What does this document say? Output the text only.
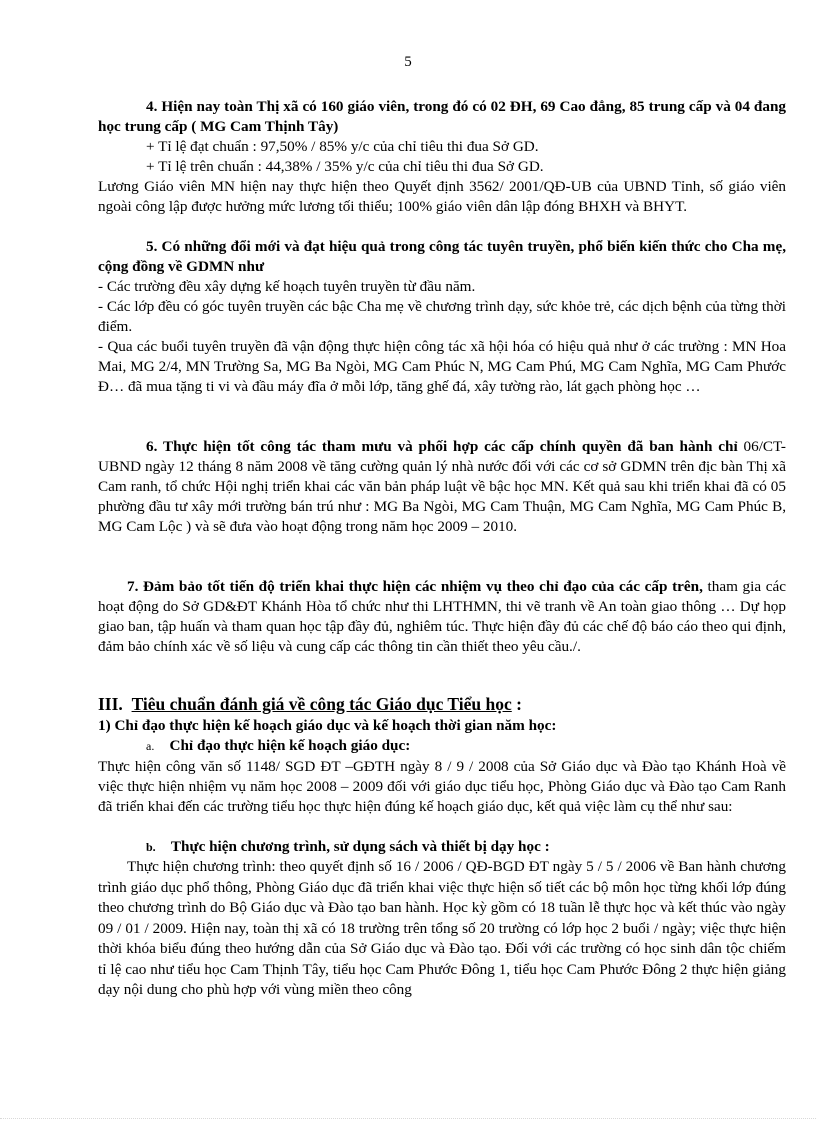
5
4. Hiện nay toàn Thị xã có 160 giáo viên, trong đó có 02 ĐH, 69 Cao đẳng, 85 trung cấp và 04 đang học trung cấp ( MG Cam Thịnh Tây)
+ Tỉ lệ đạt chuẩn : 97,50% / 85% y/c của chỉ tiêu thi đua Sở GD.
+ Tỉ lệ trên chuẩn : 44,38% / 35% y/c của chỉ tiêu thi đua Sở GD.
Lương Giáo viên MN hiện nay thực hiện theo Quyết định 3562/ 2001/QĐ-UB của UBND Tỉnh, số giáo viên ngoài công lập được hưởng mức lương tối thiểu; 100% giáo viên dân lập đóng BHXH và BHYT.
5. Có những đổi mới và đạt hiệu quả trong công tác tuyên truyền, phổ biến kiến thức cho Cha mẹ, cộng đồng về GDMN như
- Các trường đều xây dựng kế hoạch tuyên truyền từ đầu năm.
- Các lớp đều có góc tuyên truyền các bậc Cha mẹ về chương trình dạy, sức khỏe trẻ, các dịch bệnh của từng thời điểm.
- Qua các buổi tuyên truyền đã vận động thực hiện công tác xã hội hóa có hiệu quả như ở các trường : MN Hoa Mai, MG 2/4, MN Trường Sa, MG Ba Ngòi, MG Cam Phúc N, MG Cam Phú, MG Cam Nghĩa, MG Cam Phước Đ… đã mua tặng ti vi và đầu máy đĩa ở mỗi lớp, tăng ghế đá, xây tường rào, lát gạch phòng học …
6. Thực hiện tốt công tác tham mưu và phối hợp các cấp chính quyền đã ban hành chỉ 06/CT-UBND ngày 12 tháng 8 năm 2008 về tăng cường quản lý nhà nước đối với các cơ sở GDMN trên địc bàn Thị xã Cam ranh, tổ chức Hội nghị triển khai các văn bản pháp luật về bậc học MN. Kết quả sau khi triển khai đã có 05 phường đầu tư xây mới trường bán trú như : MG Ba Ngòi, MG Cam Thuận, MG Cam Nghĩa, MG Cam Phúc B, MG Cam Lộc ) và sẽ đưa vào hoạt động trong năm học 2009 – 2010.
7. Đảm bảo tốt tiến độ triển khai thực hiện các nhiệm vụ theo chỉ đạo của các cấp trên, tham gia các hoạt động do Sở GD&ĐT Khánh Hòa tổ chức như thi LHTHMN, thi vẽ tranh về An toàn giao thông … Dự họp giao ban, tập huấn và tham quan học tập đầy đủ, nghiêm túc. Thực hiện đầy đủ các chế độ báo cáo theo qui định, đảm bảo chính xác về số liệu và cung cấp các thông tin cần thiết theo yêu cầu./.
III. Tiêu chuẩn đánh giá về công tác Giáo dục Tiểu học :
1) Chỉ đạo thực hiện kế hoạch giáo dục và kế hoạch thời gian năm học:
a. Chỉ đạo thực hiện kế hoạch giáo dục:
Thực hiện công văn số 1148/ SGD ĐT –GĐTH ngày 8 / 9 / 2008 của Sở Giáo dục và Đào tạo Khánh Hoà về việc thực hiện nhiệm vụ năm học 2008 – 2009 đối với giáo dục tiểu học, Phòng Giáo dục và Đào tạo Cam Ranh đã triển khai đến các trường tiểu học thực hiện đúng kế hoạch giáo dục, kết quả việc làm cụ thể như sau:
b. Thực hiện chương trình, sử dụng sách và thiết bị dạy học :
Thực hiện chương trình: theo quyết định số 16 / 2006 / QĐ-BGD ĐT ngày 5 / 5 / 2006 về Ban hành chương trình giáo dục phổ thông, Phòng Giáo dục đã triển khai việc thực hiện số tiết các bộ môn học từng khối lớp đúng theo chương trình do Bộ Giáo dục và Đào tạo ban hành. Học kỳ gồm có 18 tuần lễ thực học và kết thúc vào ngày 09 / 01 / 2009. Hiện nay, toàn thị xã có 18 trường trên tổng số 20 trường có lớp học 2 buổi / ngày; việc thực hiện thời khóa biểu đúng theo hướng dẫn của Sở Giáo dục và Đào tạo. Đối với các trường có học sinh dân tộc chiếm tỉ lệ cao như tiểu học Cam Thịnh Tây, tiểu học Cam Phước Đông 1, tiểu học Cam Phước Đông 2 thực hiện giảng dạy nội dung cho phù hợp với vùng miền theo công
